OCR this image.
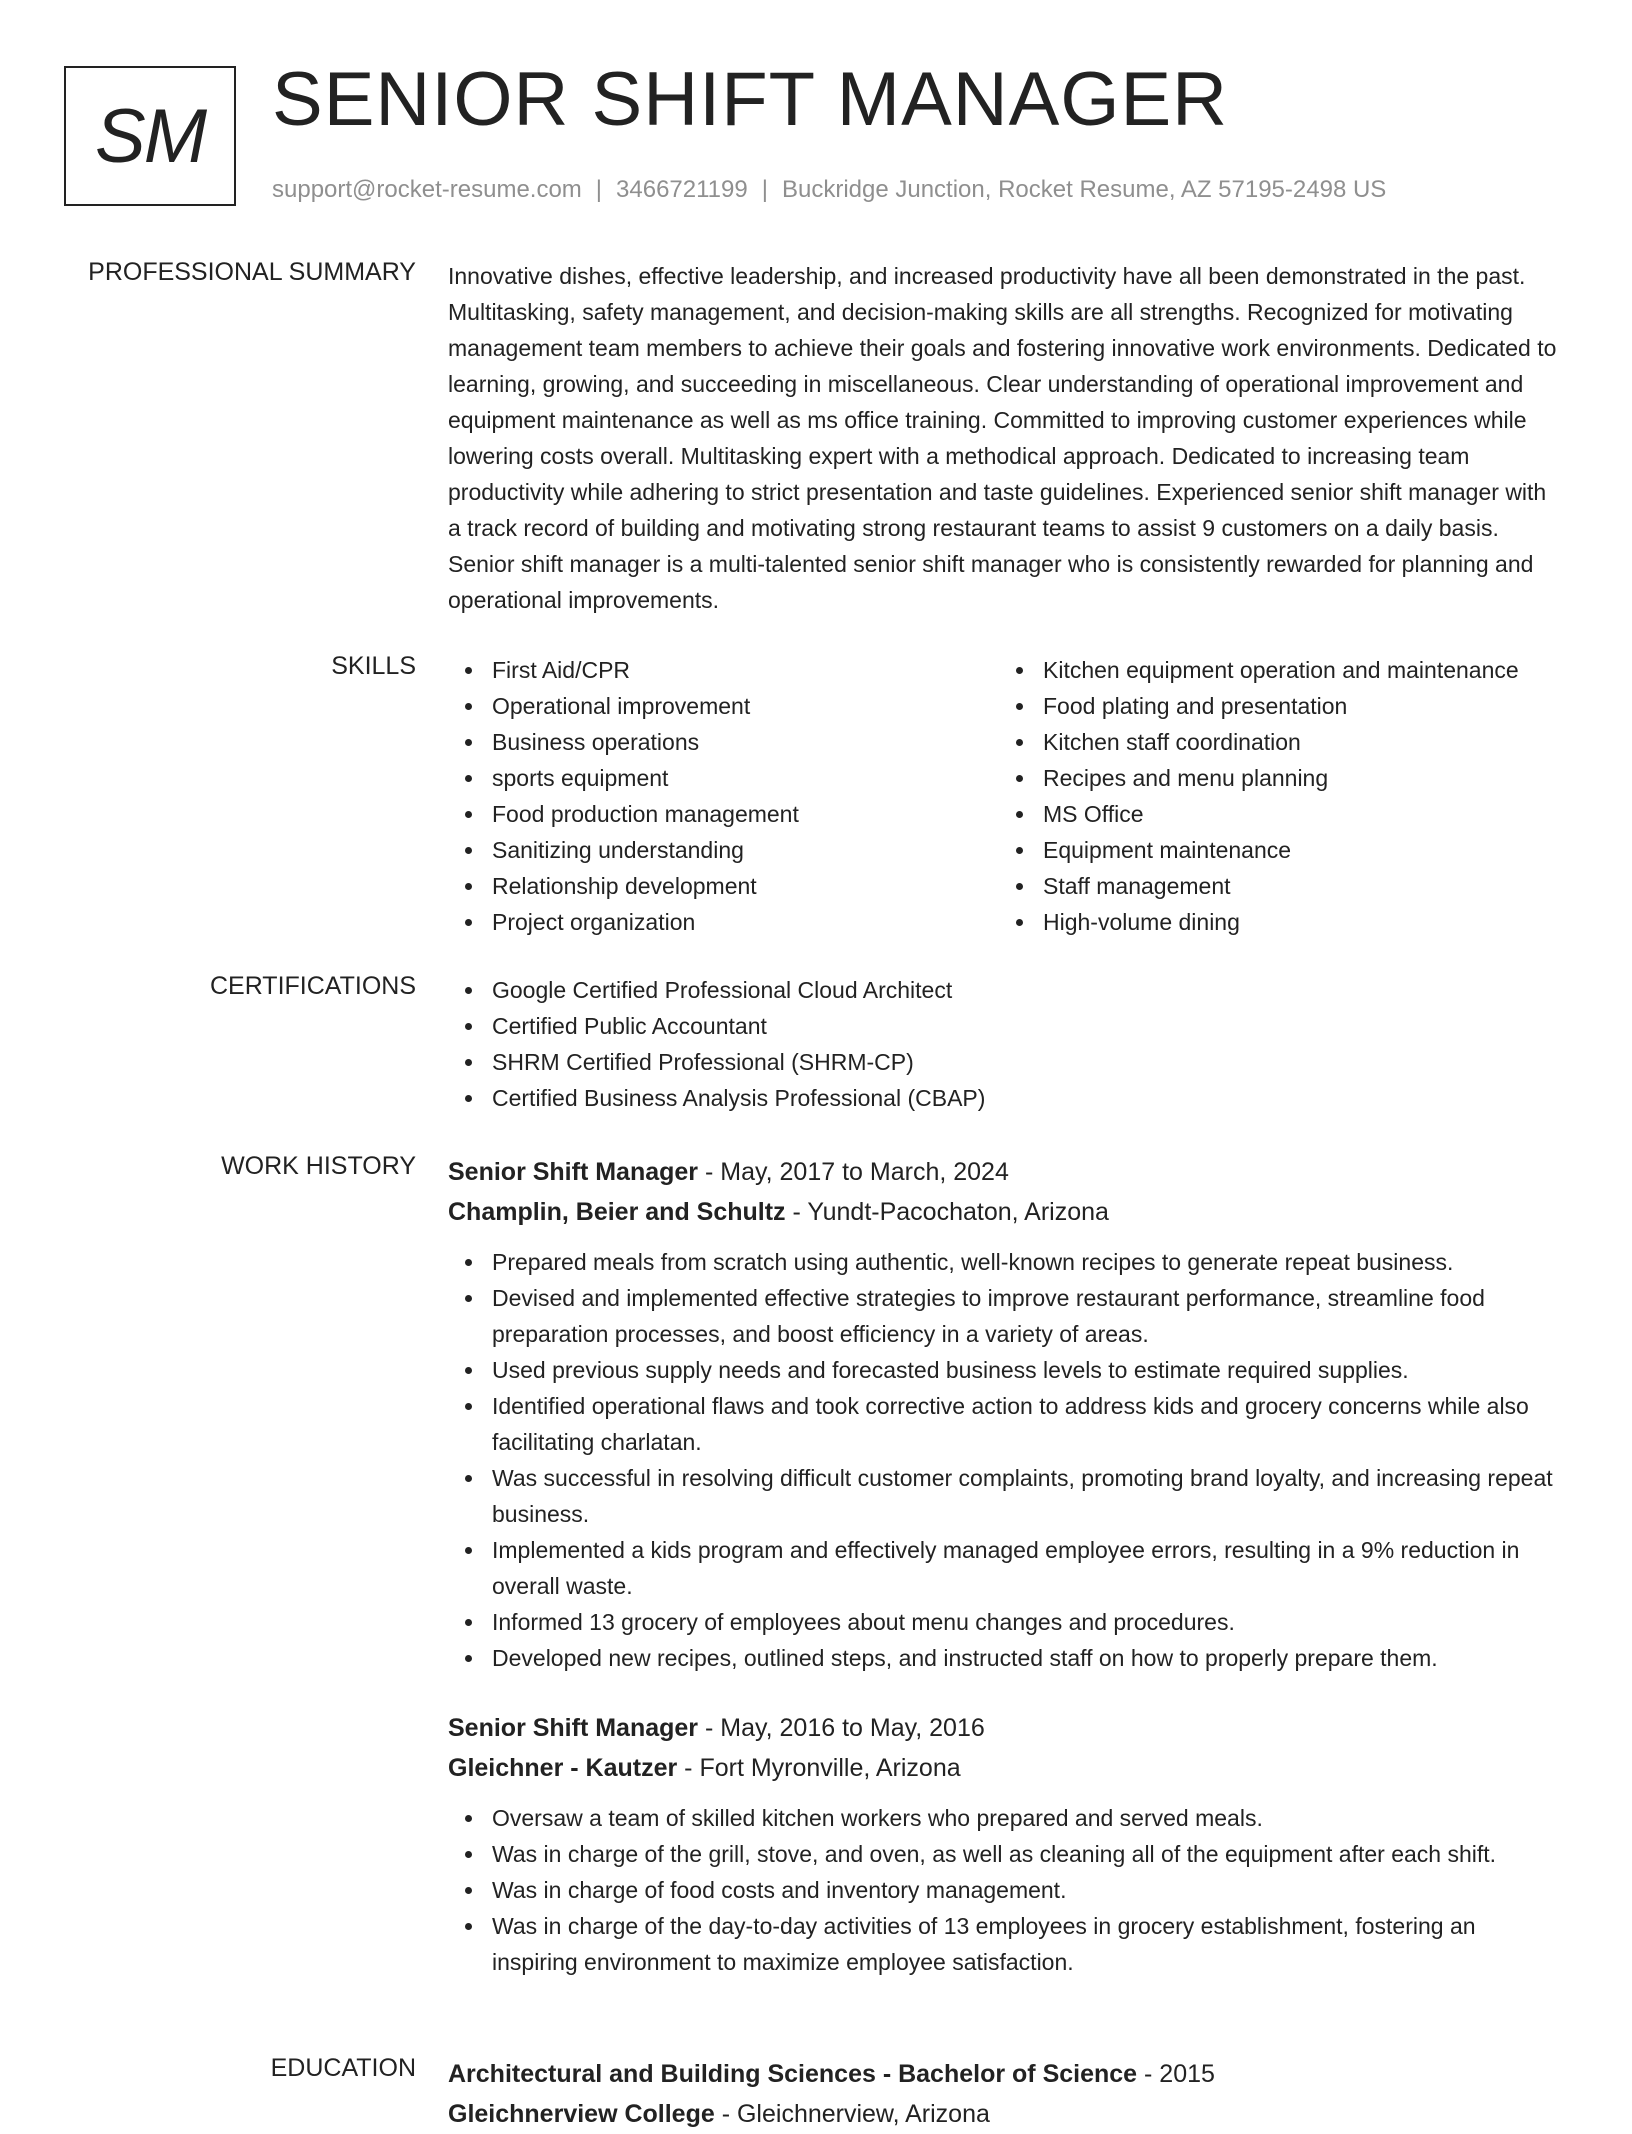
SM SENIOR SHIFT MANAGER
support@rocket-resume.com | 3466721199 | Buckridge Junction, Rocket Resume, AZ 57195-2498 US
PROFESSIONAL SUMMARY Innovative dishes, effective leadership, and increased productivity have all been demonstrated in the past. Multitasking, safety management, and decision-making skills are all strengths. Recognized for motivating management team members to achieve their goals and fostering innovative work environments. Dedicated to learning, growing, and succeeding in miscellaneous. Clear understanding of operational improvement and equipment maintenance as well as ms office training. Committed to improving customer experiences while lowering costs overall. Multitasking expert with a methodical approach. Dedicated to increasing team productivity while adhering to strict presentation and taste guidelines. Experienced senior shift manager with a track record of building and motivating strong restaurant teams to assist 9 customers on a daily basis. Senior shift manager is a multi-talented senior shift manager who is consistently rewarded for planning and operational improvements.

SKILLS	First Aid/CPR
Operational improvement
Business operations
sports equipment
Food production management
Sanitizing understanding
Relationship development
Project organization
Kitchen equipment operation and maintenance
Food plating and presentation
Kitchen staff coordination
Recipes and menu planning
MS Office
Equipment maintenance
Staff management
High-volume dining
CERTIFICATIONS	Google Certified Professional Cloud Architect
Certified Public Accountant
SHRM Certified Professional (SHRM-CP)
Certified Business Analysis Professional (CBAP)
WORK HISTORY Senior Shift Manager - May, 2017 to March, 2024
Champlin, Beier and Schultz - Yundt-Pacochaton, Arizona
Prepared meals from scratch using authentic, well-known recipes to generate repeat business.
Devised and implemented effective strategies to improve restaurant performance, streamline food preparation processes, and boost efficiency in a variety of areas.
Used previous supply needs and forecasted business levels to estimate required supplies.
Identified operational flaws and took corrective action to address kids and grocery concerns while also facilitating charlatan.
Was successful in resolving difficult customer complaints, promoting brand loyalty, and increasing repeat business.
Implemented a kids program and effectively managed employee errors, resulting in a 9% reduction in overall waste.
Informed 13 grocery of employees about menu changes and procedures.
Developed new recipes, outlined steps, and instructed staff on how to properly prepare them.
Senior Shift Manager - May, 2016 to May, 2016
Gleichner - Kautzer - Fort Myronville, Arizona
Oversaw a team of skilled kitchen workers who prepared and served meals.
Was in charge of the grill, stove, and oven, as well as cleaning all of the equipment after each shift.
Was in charge of food costs and inventory management.
Was in charge of the day-to-day activities of 13 employees in grocery establishment, fostering an inspiring environment to maximize employee satisfaction.
EDUCATION Architectural and Building Sciences - Bachelor of Science - 2015
Gleichnerview College - Gleichnerview, Arizona
